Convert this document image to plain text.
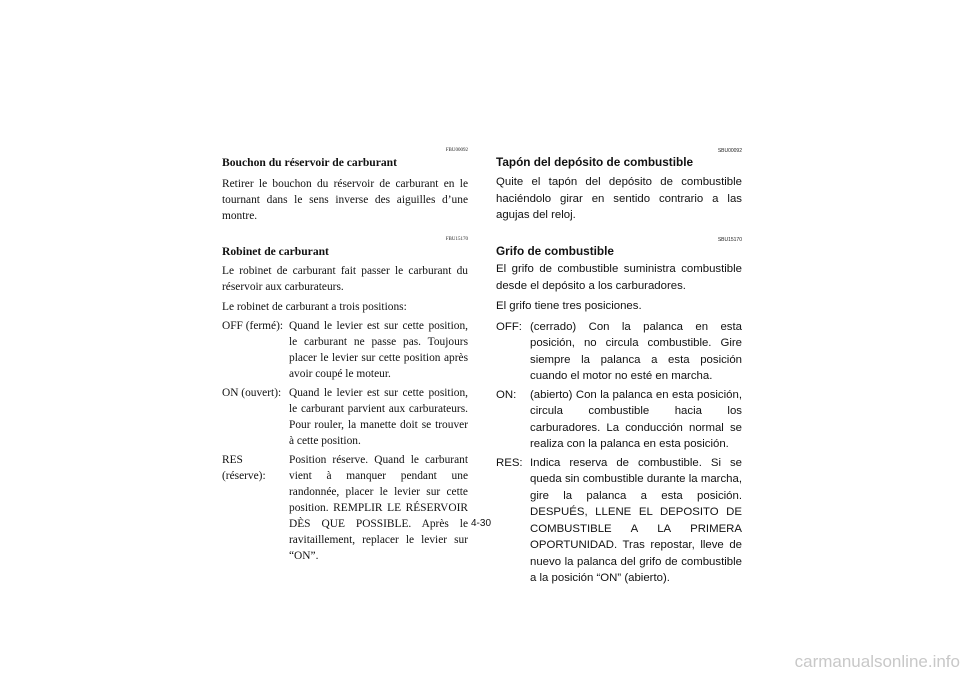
FBU00092
Bouchon du réservoir de carburant

Retirer le bouchon du réservoir de carburant en le tournant dans le sens inverse des aiguilles d’une montre.

FBU15170
Robinet de carburant

Le robinet de carburant fait passer le carburant du réservoir aux carburateurs.

Le robinet de carburant a trois positions:

OFF (fermé): Quand le levier est sur cette position, le carburant ne passe pas. Toujours placer le levier sur cette position après avoir coupé le moteur.
ON (ouvert): Quand le levier est sur cette position, le carburant parvient aux carburateurs. Pour rouler, la manette doit se trouver à cette position.
RES (réserve):
Position réserve. Quand le carburant vient à manquer pendant une randonnée, placer le levier sur cette position. REMPLIR LE RÉSERVOIR DÈS QUE POSSIBLE. Après le ravitaillement, replacer le levier sur “ON”.
SBU00092
Tapón del depósito de combustible

Quite el tapón del depósito de combustible haciéndolo girar en sentido contrario a las agujas del reloj.

SBU15170
Grifo de combustible

El grifo de combustible suministra combustible desde el depósito a los carburadores.

El grifo tiene tres posiciones.

OFF: (cerrado) Con la palanca en esta posición, no circula combustible. Gire siempre la palanca a esta posición cuando el motor no esté en marcha.
ON:	(abierto) Con la palanca en esta posición, circula combustible hacia los carburadores. La conducción normal se realiza con la palanca en esta posición.
RES: Indica reserva de combustible. Si se queda sin combustible durante la marcha, gire la palanca a esta posición. DESPUÉS, LLENE EL DEPOSITO DE COMBUSTIBLE A LA PRIMERA OPORTUNIDAD. Tras repostar, lleve de nuevo la palanca del grifo de combustible a la posición “ON” (abierto).
4-30
carmanualsonline.info
